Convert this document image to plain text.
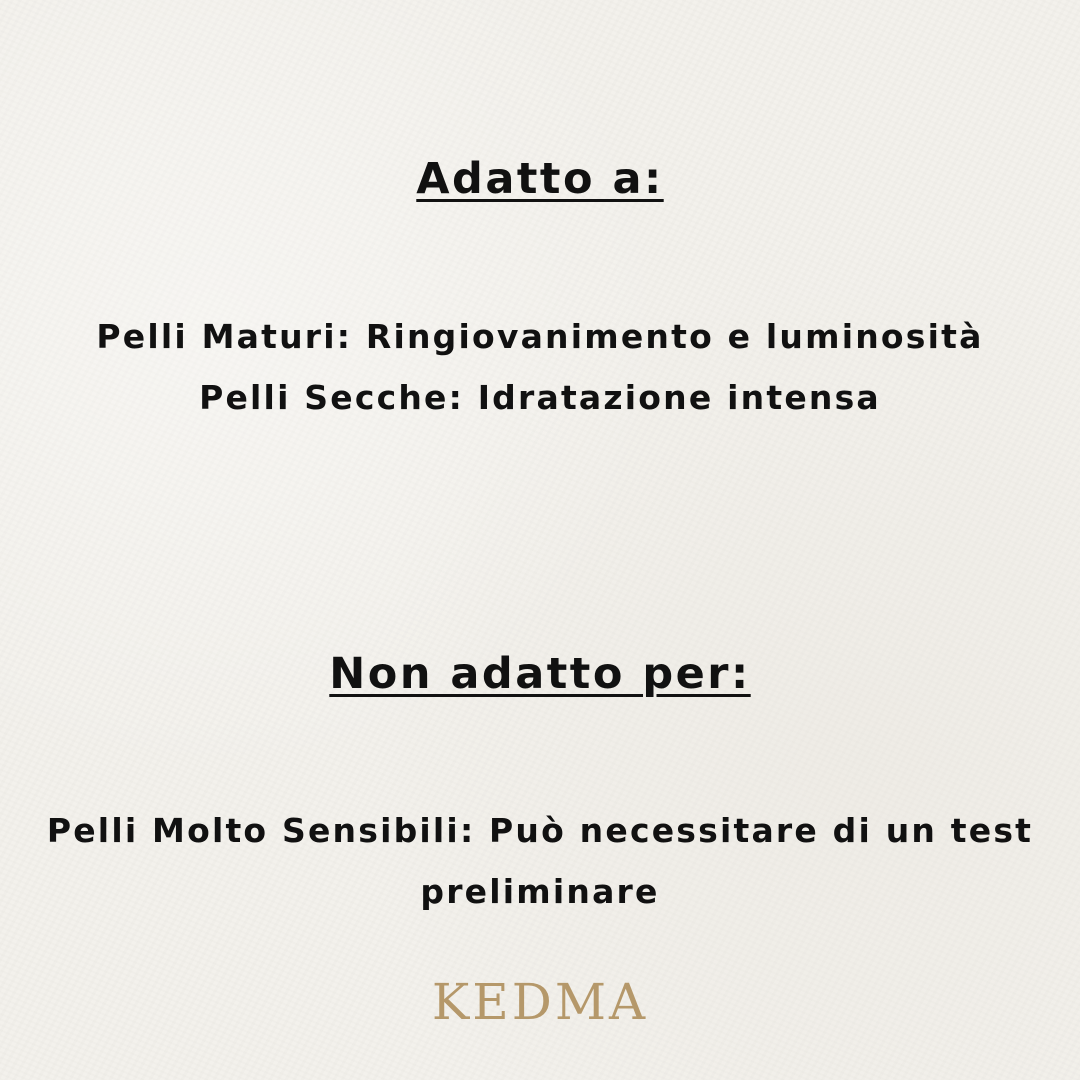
Adatto a:
Pelli Maturi: Ringiovanimento e luminosità
Pelli Secche: Idratazione intensa
Non adatto per:
Pelli Molto Sensibili: Può necessitare di un test preliminare
KEDMA
